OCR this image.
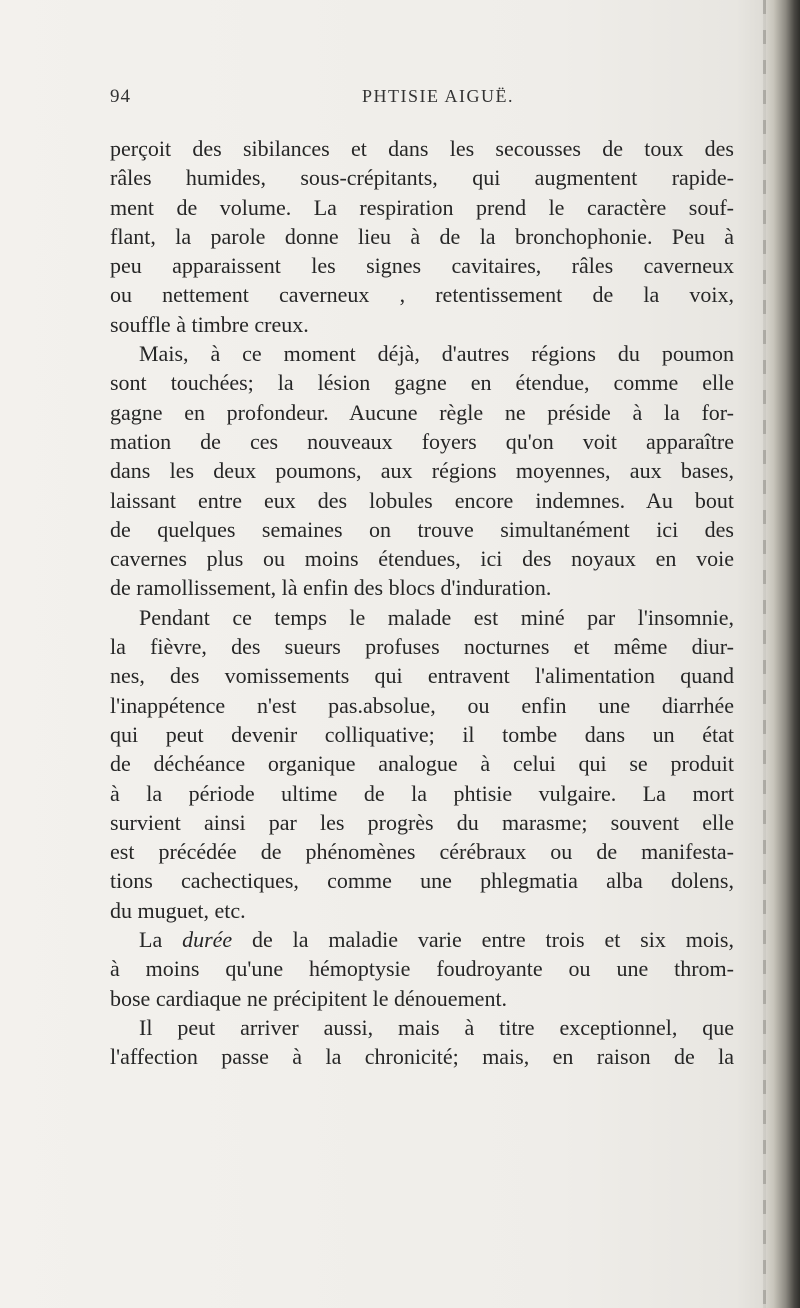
94	PHTISIE AIGUË.
perçoit des sibilances et dans les secousses de toux des
râles humides, sous-crépitants, qui augmentent rapide-
ment de volume. La respiration prend le caractère souf-
flant, la parole donne lieu à de la bronchophonie. Peu à
peu apparaissent les signes cavitaires, râles caverneux
ou nettement caverneux , retentissement de la voix,
souffle à timbre creux.
Mais, à ce moment déjà, d'autres régions du poumon
sont touchées; la lésion gagne en étendue, comme elle
gagne en profondeur. Aucune règle ne préside à la for-
mation de ces nouveaux foyers qu'on voit apparaître
dans les deux poumons, aux régions moyennes, aux bases,
laissant entre eux des lobules encore indemnes. Au bout
de quelques semaines on trouve simultanément ici des
cavernes plus ou moins étendues, ici des noyaux en voie
de ramollissement, là enfin des blocs d'induration.
Pendant ce temps le malade est miné par l'insomnie,
la fièvre, des sueurs profuses nocturnes et même diur-
nes, des vomissements qui entravent l'alimentation quand
l'inappétence n'est pas.absolue, ou enfin une diarrhée
qui peut devenir colliquative; il tombe dans un état
de déchéance organique analogue à celui qui se produit
à la période ultime de la phtisie vulgaire. La mort
survient ainsi par les progrès du marasme; souvent elle
est précédée de phénomènes cérébraux ou de manifesta-
tions cachectiques, comme une phlegmatia alba dolens,
du muguet, etc.
La durée de la maladie varie entre trois et six mois,
à moins qu'une hémoptysie foudroyante ou une throm-
bose cardiaque ne précipitent le dénouement.
Il peut arriver aussi, mais à titre exceptionnel, que
l'affection passe à la chronicité; mais, en raison de la
